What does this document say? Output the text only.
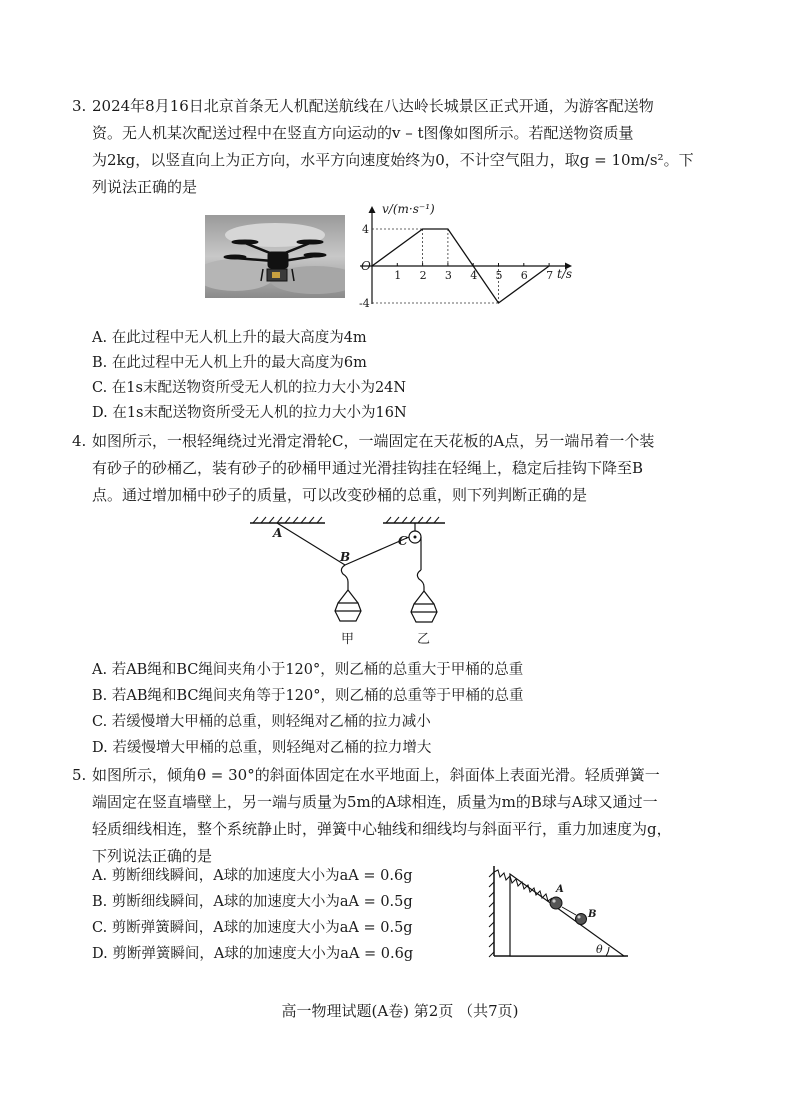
3. 2024年8月16日北京首条无人机配送航线在八达岭长城景区正式开通，为游客配送物
资。无人机某次配送过程中在竖直方向运动的v – t图像如图所示。若配送物资质量
为2kg，以竖直向上为正方向，水平方向速度始终为0，不计空气阻力，取g = 10m/s²。下
列说法正确的是
v/(m·s⁻¹)
t/s
O
1 2 3 4 5 6 7
4
-4
A. 在此过程中无人机上升的最大高度为4m
B. 在此过程中无人机上升的最大高度为6m
C. 在1s末配送物资所受无人机的拉力大小为24N
D. 在1s末配送物资所受无人机的拉力大小为16N
4. 如图所示，一根轻绳绕过光滑定滑轮C，一端固定在天花板的A点，另一端吊着一个装
有砂子的砂桶乙，装有砂子的砂桶甲通过光滑挂钩挂在轻绳上，稳定后挂钩下降至B
点。通过增加桶中砂子的质量，可以改变砂桶的总重，则下列判断正确的是
甲	乙
A
B
C
A. 若AB绳和BC绳间夹角小于120°，则乙桶的总重大于甲桶的总重
B. 若AB绳和BC绳间夹角等于120°，则乙桶的总重等于甲桶的总重
C. 若缓慢增大甲桶的总重，则轻绳对乙桶的拉力减小
D. 若缓慢增大甲桶的总重，则轻绳对乙桶的拉力增大
5. 如图所示，倾角θ = 30°的斜面体固定在水平地面上，斜面体上表面光滑。轻质弹簧一
端固定在竖直墙壁上，另一端与质量为5m的A球相连，质量为m的B球与A球又通过一
轻质细线相连，整个系统静止时，弹簧中心轴线和细线均与斜面平行，重力加速度为g，
下列说法正确的是
A. 剪断细线瞬间，A球的加速度大小为aA = 0.6g
B. 剪断细线瞬间，A球的加速度大小为aA = 0.5g
C. 剪断弹簧瞬间，A球的加速度大小为aA = 0.5g
D. 剪断弹簧瞬间，A球的加速度大小为aA = 0.6g
A
B
θ
高一物理试题(A卷) 第2页 （共7页)
